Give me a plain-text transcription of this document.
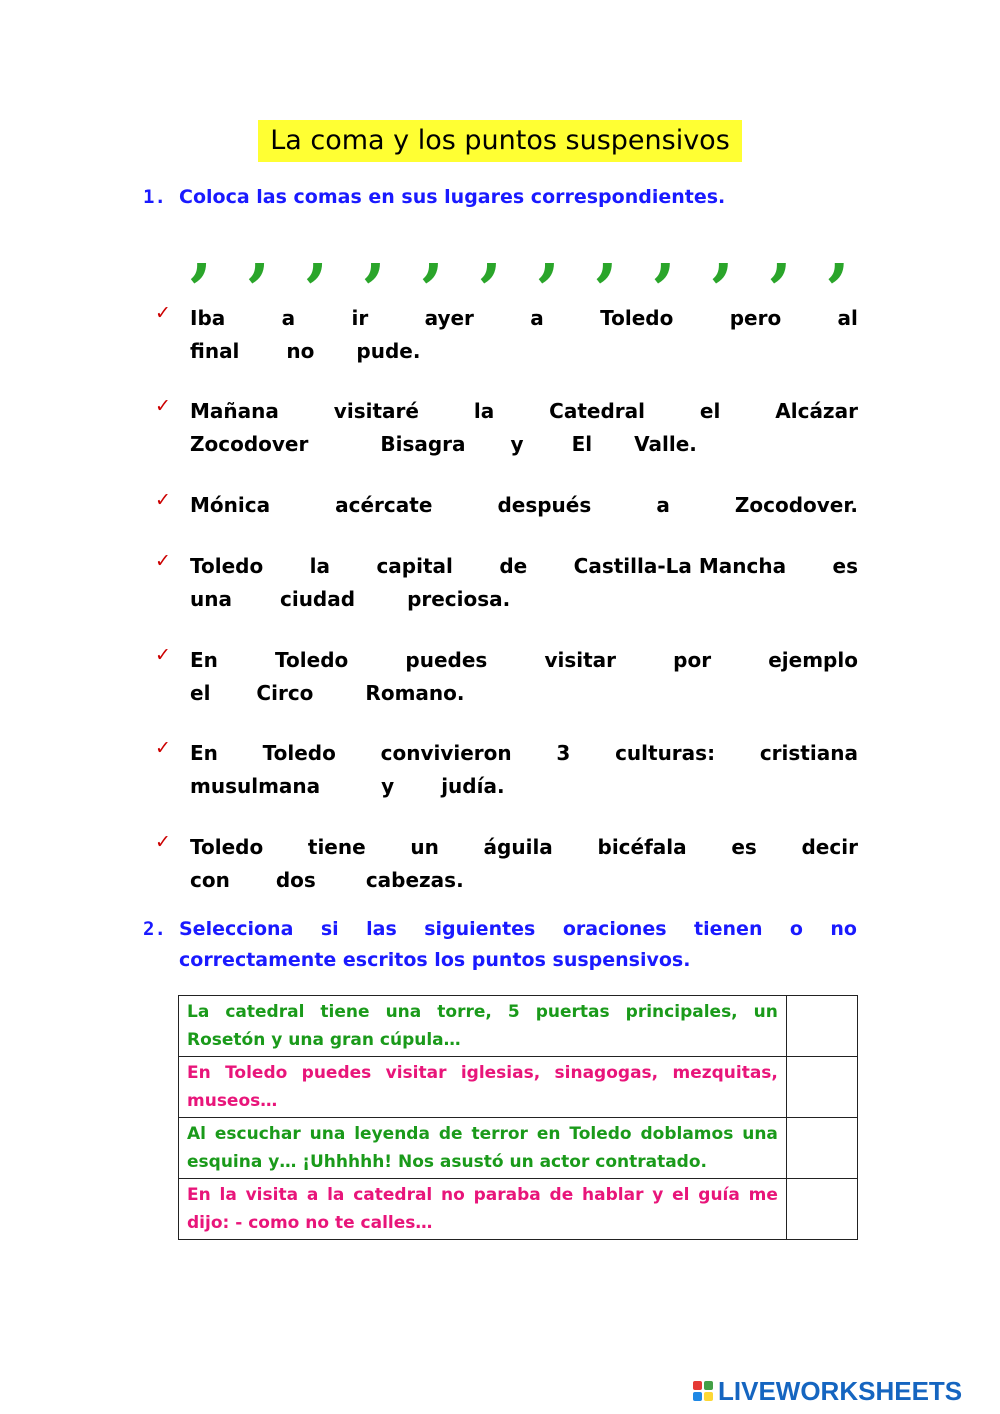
La coma y los puntos suspensivos
1. Coloca las comas en sus lugares correspondientes.
, , , , , , , , , , , ,
✓ Iba	a	ir	ayer	a	Toledo	pero	al
final no pude.
✓ Mañana	visitaré	la	Catedral	el	Alcázar
Zocodover	Bisagra y El Valle.
✓ Mónica	acércate	después	a	Zocodover.
✓ Toledo la capital de Castilla-La Mancha es
una ciudad	preciosa.
✓ En	Toledo	puedes	visitar	por	ejemplo
el Circo	Romano.
✓ En Toledo convivieron 3 culturas: cristiana
musulmana	y judía.
✓ Toledo tiene un águila bicéfala es decir
con dos	cabezas.
2. Selecciona si las siguientes oraciones tienen o no
correctamente escritos los puntos suspensivos.
La catedral tiene una torre, 5 puertas principales, un Rosetón y una gran cúpula…	
En Toledo puedes visitar iglesias, sinagogas, mezquitas, museos…	
Al escuchar una leyenda de terror en Toledo doblamos una esquina y… ¡Uhhhhh! Nos asustó un actor contratado.	
En la visita a la catedral no paraba de hablar y el guía me dijo: - como no te calles…	
LIVEWORKSHEETS
